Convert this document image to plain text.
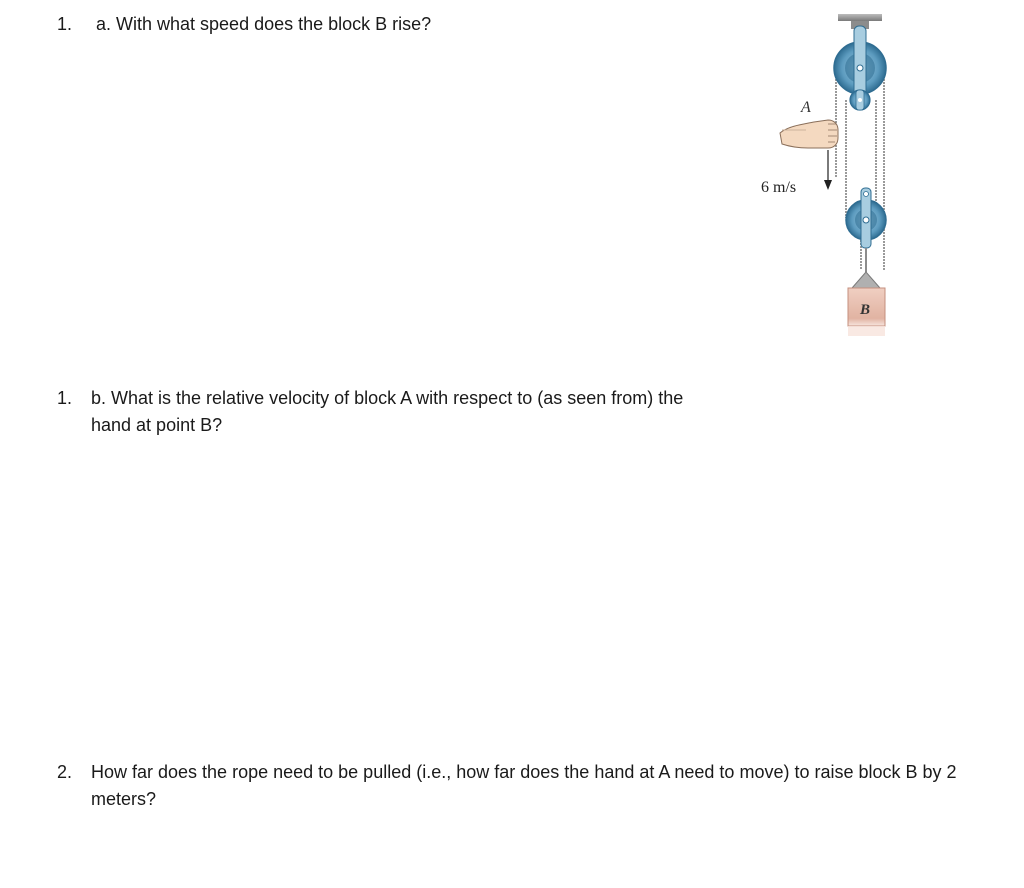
1. a. With what speed does the block B rise?
1. b. What is the relative velocity of block A with respect to (as seen from) the hand at point B?
2. How far does the rope need to be pulled (i.e., how far does the hand at A need to move) to raise block B by 2 meters?
A
6 m/s
B
